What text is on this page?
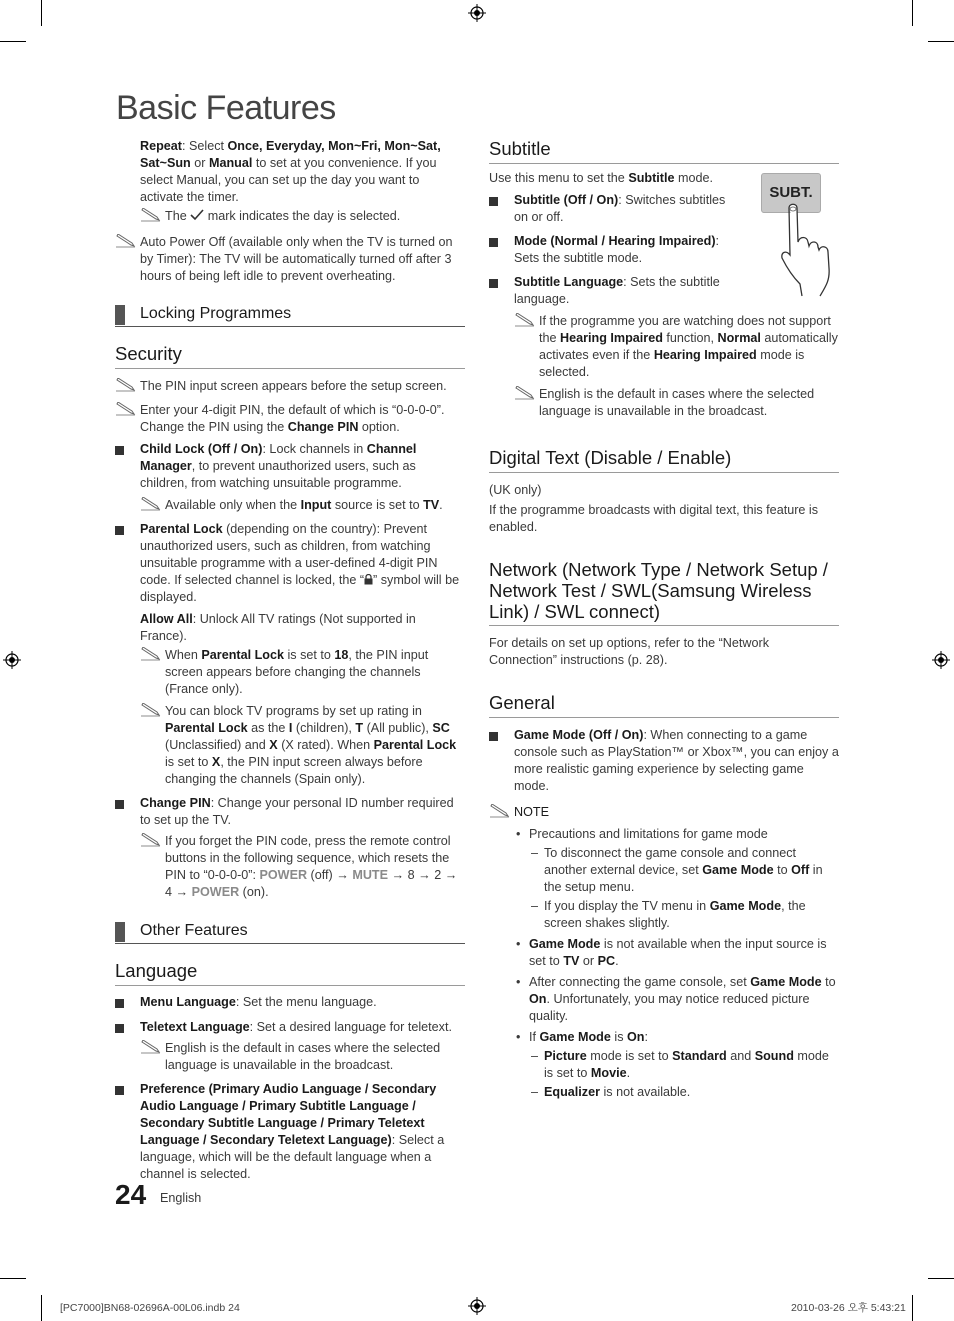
Basic Features
Repeat: Select Once, Everyday, Mon~Fri, Mon~Sat, Sat~Sun or Manual to set at you convenience. If you select Manual, you can set up the day you want to activate the timer.
The  mark indicates the day is selected.
Auto Power Off (available only when the TV is turned on by Timer): The TV will be automatically turned off after 3 hours of being left idle to prevent overheating.
Locking Programmes
Security
The PIN input screen appears before the setup screen.
Enter your 4-digit PIN, the default of which is “0-0-0-0”. Change the PIN using the Change PIN option.
Child Lock (Off / On): Lock channels in Channel Manager, to prevent unauthorized users, such as children, from watching unsuitable programme.
Available only when the Input source is set to TV.
Parental Lock (depending on the country): Prevent unauthorized users, such as children, from watching unsuitable programme with a user-defined 4-digit PIN code. If selected channel is locked, the “ ” symbol will be displayed.
Allow All: Unlock All TV ratings (Not supported in France).
When Parental Lock is set to 18, the PIN input screen appears before changing the channels (France only).
You can block TV programs by set up rating in Parental Lock as the I (children), T (All public), SC (Unclassified) and X (X rated). When Parental Lock is set to X, the PIN input screen always before changing the channels (Spain only).
Change PIN: Change your personal ID number required to set up the TV.
If you forget the PIN code, press the remote control buttons in the following sequence, which resets the PIN to “0-0-0-0”: POWER (off) → MUTE → 8 → 2 → 4 → POWER (on).
Other Features
Language
Menu Language: Set the menu language.
Teletext Language: Set a desired language for teletext.
English is the default in cases where the selected language is unavailable in the broadcast.
Preference (Primary Audio Language / Secondary Audio Language / Primary Subtitle Language / Secondary Subtitle Language / Primary Teletext Language / Secondary Teletext Language): Select a language, which will be the default language when a channel is selected.
Subtitle
Use this menu to set the Subtitle mode.
Subtitle (Off / On): Switches subtitles on or off.
Mode (Normal / Hearing Impaired): Sets the subtitle mode.
Subtitle Language: Sets the subtitle language.
If the programme you are watching does not support the Hearing Impaired function, Normal automatically activates even if the Hearing Impaired mode is selected.
English is the default in cases where the selected language is unavailable in the broadcast.
Digital Text (Disable / Enable)
(UK only)
If the programme broadcasts with digital text, this feature is enabled.
Network (Network Type / Network Setup / Network Test / SWL(Samsung Wireless Link) / SWL connect)
For details on set up options, refer to the “Network Connection” instructions (p. 28).
General
Game Mode (Off / On): When connecting to a game console such as PlayStation™ or Xbox™, you can enjoy a more realistic gaming experience by selecting game mode.
NOTE
• Precautions and limitations for game mode
– To disconnect the game console and connect another external device, set Game Mode to Off in the setup menu.
– If you display the TV menu in Game Mode, the screen shakes slightly.
• Game Mode is not available when the input source is set to TV or PC.
• After connecting the game console, set Game Mode to On. Unfortunately, you may notice reduced picture quality.
• If Game Mode is On:
– Picture mode is set to Standard and Sound mode is set to Movie.
– Equalizer is not available.
SUBT.
24 English
[PC7000]BN68-02696A-00L06.indb 24	2010-03-26 오후 5:43:21
